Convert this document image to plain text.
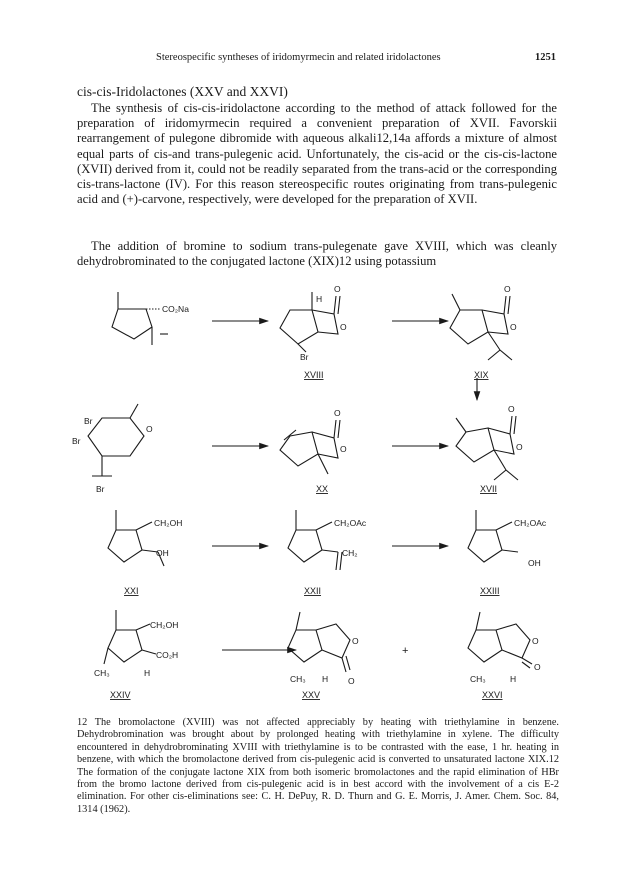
Stereospecific syntheses of iridomyrmecin and related iridolactones	1251
cis-cis-Iridolactones (XXV and XXVI)

The synthesis of cis-cis-iridolactone according to the method of attack followed for the preparation of iridomyrmecin required a convenient preparation of XVII. Favorskii rearrangement of pulegone dibromide with aqueous alkali12,14a affords a mixture of almost equal parts of cis-and trans-pulegenic acid. Unfortunately, the cis-acid or the cis-cis-lactone (XVII) derived from it, could not be readily separated from the trans-acid or the corresponding cis-trans-lactone (IV). For this reason stereospecific routes originating from trans-pulegenic acid and (+)-carvone, respectively, were developed for the preparation of XVII.

The addition of bromine to sodium trans-pulegenate gave XVIII, which was cleanly dehydrobrominated to the conjugated lactone (XIX)12 using potassium

CO₂Na
O
H
O
Br
XVIII
O
O
XIX
Br
Br
O
Br
O
O
XX
O
O
XVII
CH₂OH
OH
XXI
CH₂OAc
CH₂
XXII
CH₂OAc
OH
XXIII
CH₂OH
CO₂H
CH₃	H
XXIV
O
O
CH₃ H
XXV
+
O
O
CH₃	H
XXVI

12 The bromolactone (XVIII) was not affected appreciably by heating with triethylamine in benzene. Dehydrobromination was brought about by prolonged heating with triethylamine in xylene. The difficulty encountered in dehydrobrominating XVIII with triethylamine is to be contrasted with the ease, 1 hr. heating in benzene, with which the bromolactone derived from cis-pulegenic acid is converted to unsaturated lactone XIX.12 The formation of the conjugate lactone XIX from both isomeric bromolactones and the rapid elimination of HBr from the bromo lactone derived from cis-pulegenic acid is in best accord with the involvement of a cis E-2 elimination. For other cis-eliminations see: C. H. DePuy, R. D. Thurn and G. E. Morris, J. Amer. Chem. Soc. 84, 1314 (1962).
